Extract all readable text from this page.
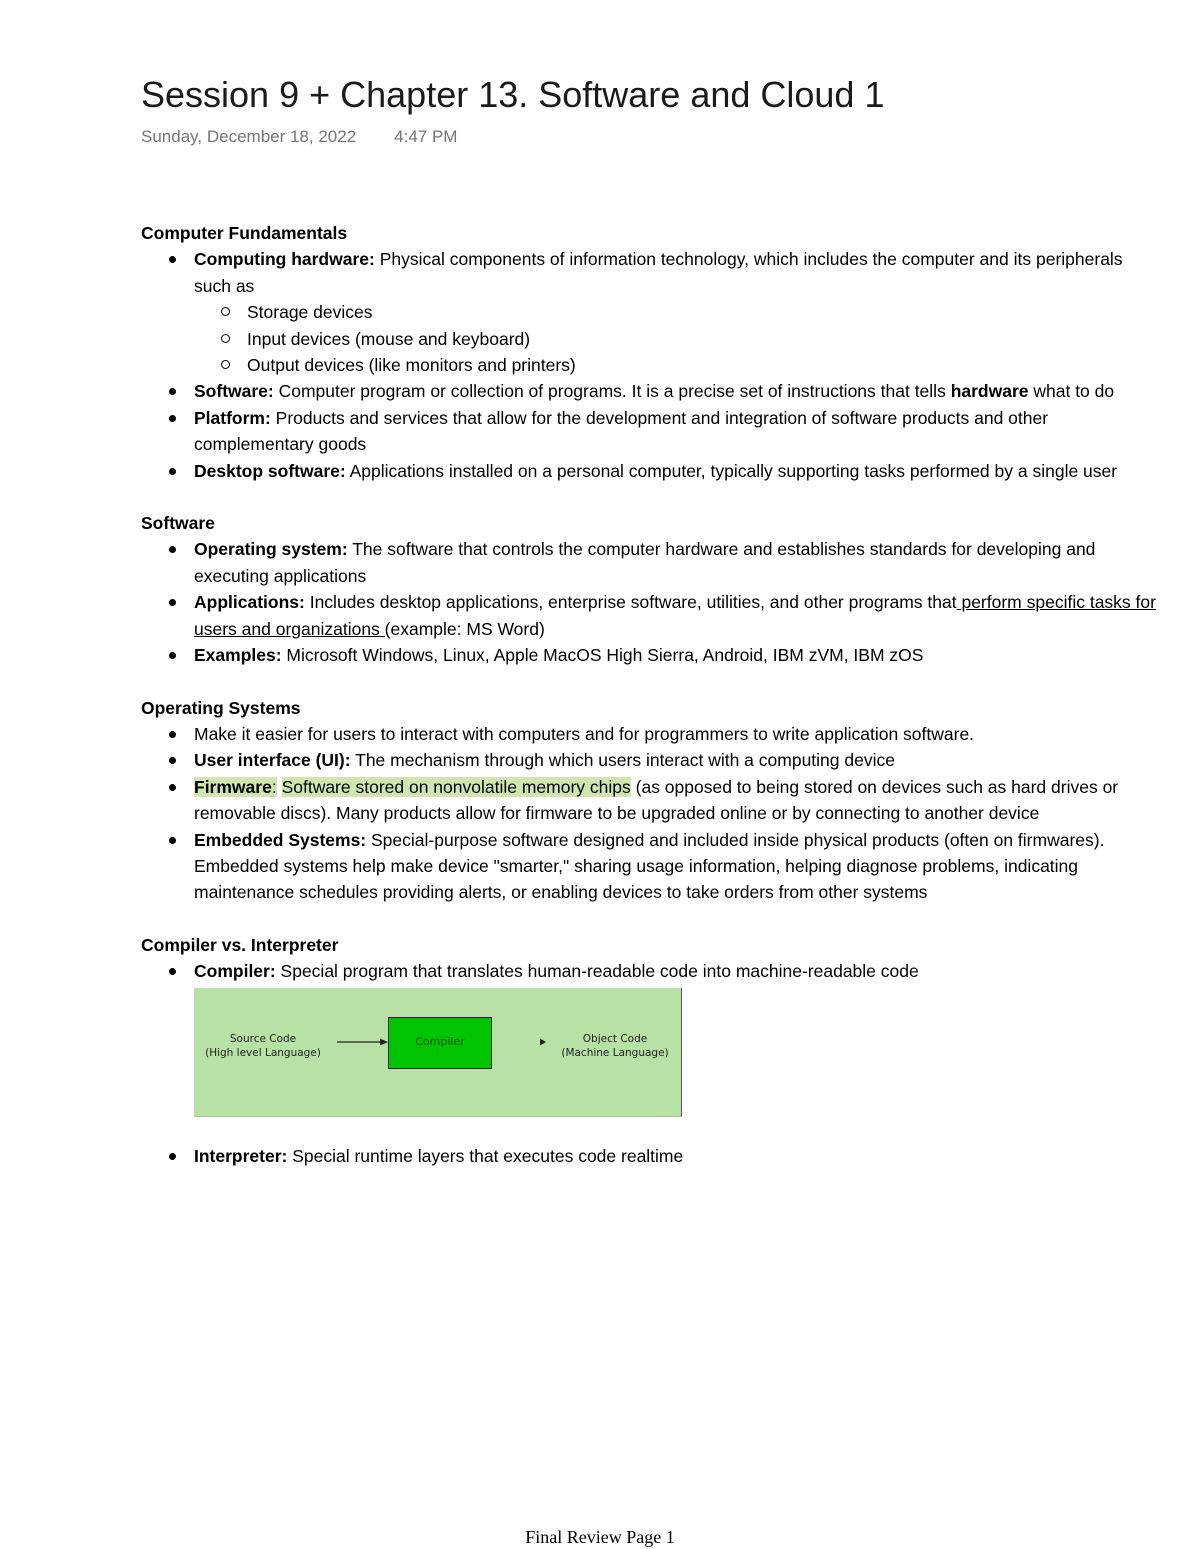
Session 9 + Chapter 13. Software and Cloud 1
Sunday, December 18, 2022 4:47 PM
Computer Fundamentals
Computing hardware: Physical components of information technology, which includes the computer and its peripherals such as
Storage devices
Input devices (mouse and keyboard)
Output devices (like monitors and printers)
Software: Computer program or collection of programs. It is a precise set of instructions that tells hardware what to do
Platform: Products and services that allow for the development and integration of software products and other complementary goods
Desktop software: Applications installed on a personal computer, typically supporting tasks performed by a single user
Software
Operating system: The software that controls the computer hardware and establishes standards for developing and executing applications
Applications: Includes desktop applications, enterprise software, utilities, and other programs that perform specific tasks for users and organizations (example: MS Word)
Examples: Microsoft Windows, Linux, Apple MacOS High Sierra, Android, IBM zVM, IBM zOS
Operating Systems
Make it easier for users to interact with computers and for programmers to write application software.
User interface (UI): The mechanism through which users interact with a computing device
Firmware: Software stored on nonvolatile memory chips (as opposed to being stored on devices such as hard drives or removable discs). Many products allow for firmware to be upgraded online or by connecting to another device
Embedded Systems: Special-purpose software designed and included inside physical products (often on firmwares). Embedded systems help make device "smarter," sharing usage information, helping diagnose problems, indicating maintenance schedules providing alerts, or enabling devices to take orders from other systems
Compiler vs. Interpreter
Compiler: Special program that translates human-readable code into machine-readable code
Source Code
(High level Language)
Compiler	Object Code
(Machine Language)
Interpreter: Special runtime layers that executes code realtime
Final Review Page 1
